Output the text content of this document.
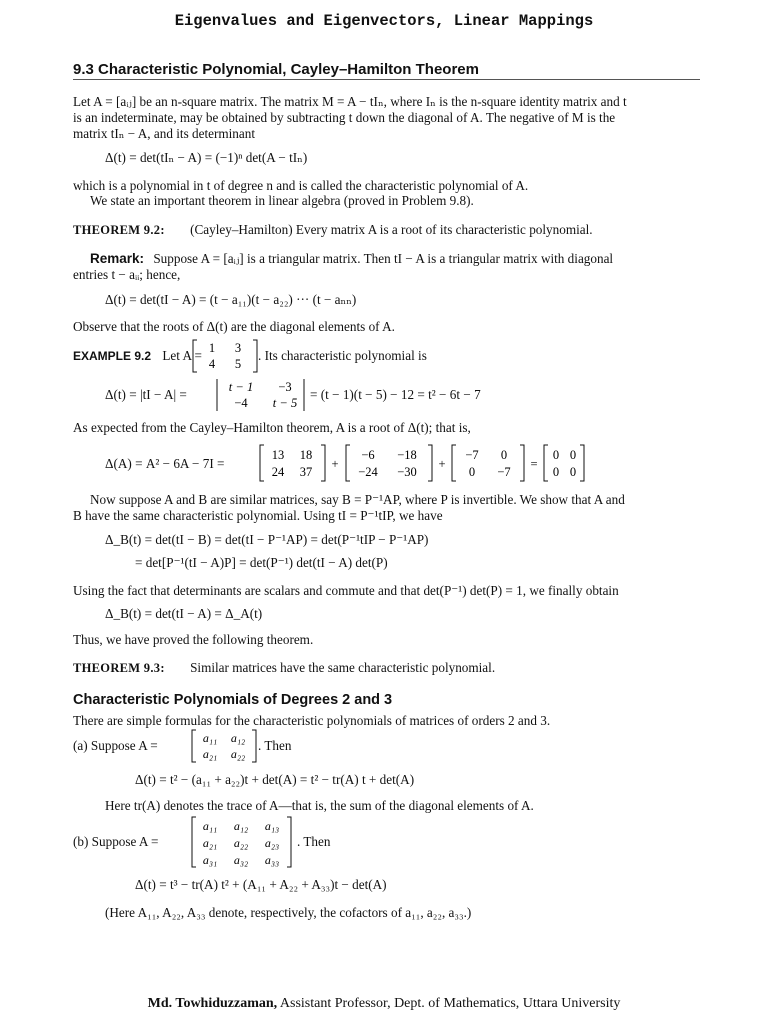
Eigenvalues and Eigenvectors, Linear Mappings
9.3 Characteristic Polynomial, Cayley–Hamilton Theorem
Let A = [aᵢⱼ] be an n-square matrix. The matrix M = A − tIₙ, where Iₙ is the n-square identity matrix and t
is an indeterminate, may be obtained by subtracting t down the diagonal of A. The negative of M is the
matrix tIₙ − A, and its determinant
Δ(t) = det(tIₙ − A) = (−1)ⁿ det(A − tIₙ)
which is a polynomial in t of degree n and is called the characteristic polynomial of A.
We state an important theorem in linear algebra (proved in Problem 9.8).
THEOREM 9.2: (Cayley–Hamilton) Every matrix A is a root of its characteristic polynomial.
Remark: Suppose A = [aᵢⱼ] is a triangular matrix. Then tI − A is a triangular matrix with diagonal
entries t − aᵢᵢ; hence,
Δ(t) = det(tI − A) = (t − a₁₁)(t − a₂₂) ··· (t − aₙₙ)
Observe that the roots of Δ(t) are the diagonal elements of A.
EXAMPLE 9.2 Let A = 1 3
4 5
. Its characteristic polynomial is
Δ(t) = |tI − A| =	t − 1 −3
−4 t − 5
= (t − 1)(t − 5) − 12 = t² − 6t − 7
As expected from the Cayley–Hamilton theorem, A is a root of Δ(t); that is,
Δ(A) = A² − 6A − 7I =
13 18
24 37
+
−6 −18
−24 −30
+
−7 0
0 −7
=
0 0
0 0
Now suppose A and B are similar matrices, say B = P⁻¹AP, where P is invertible. We show that A and
B have the same characteristic polynomial. Using tI = P⁻¹tIP, we have
Δ_B(t) = det(tI − B) = det(tI − P⁻¹AP) = det(P⁻¹tIP − P⁻¹AP)
= det[P⁻¹(tI − A)P] = det(P⁻¹) det(tI − A) det(P)
Using the fact that determinants are scalars and commute and that det(P⁻¹) det(P) = 1, we finally obtain
Δ_B(t) = det(tI − A) = Δ_A(t)
Thus, we have proved the following theorem.
THEOREM 9.3: Similar matrices have the same characteristic polynomial.
Characteristic Polynomials of Degrees 2 and 3
There are simple formulas for the characteristic polynomials of matrices of orders 2 and 3.
(a) Suppose A =	a₁₁ a₁₂
a₂₁ a₂₂
. Then
Δ(t) = t² − (a₁₁ + a₂₂)t + det(A) = t² − tr(A) t + det(A)
Here tr(A) denotes the trace of A—that is, the sum of the diagonal elements of A.
(b) Suppose A =
a₁₁ a₁₂ a₁₃
a₂₁ a₂₂ a₂₃
a₃₁ a₃₂ a₃₃
. Then
Δ(t) = t³ − tr(A) t² + (A₁₁ + A₂₂ + A₃₃)t − det(A)
(Here A₁₁, A₂₂, A₃₃ denote, respectively, the cofactors of a₁₁, a₂₂, a₃₃.)
Md. Towhiduzzaman, Assistant Professor, Dept. of Mathematics, Uttara University
